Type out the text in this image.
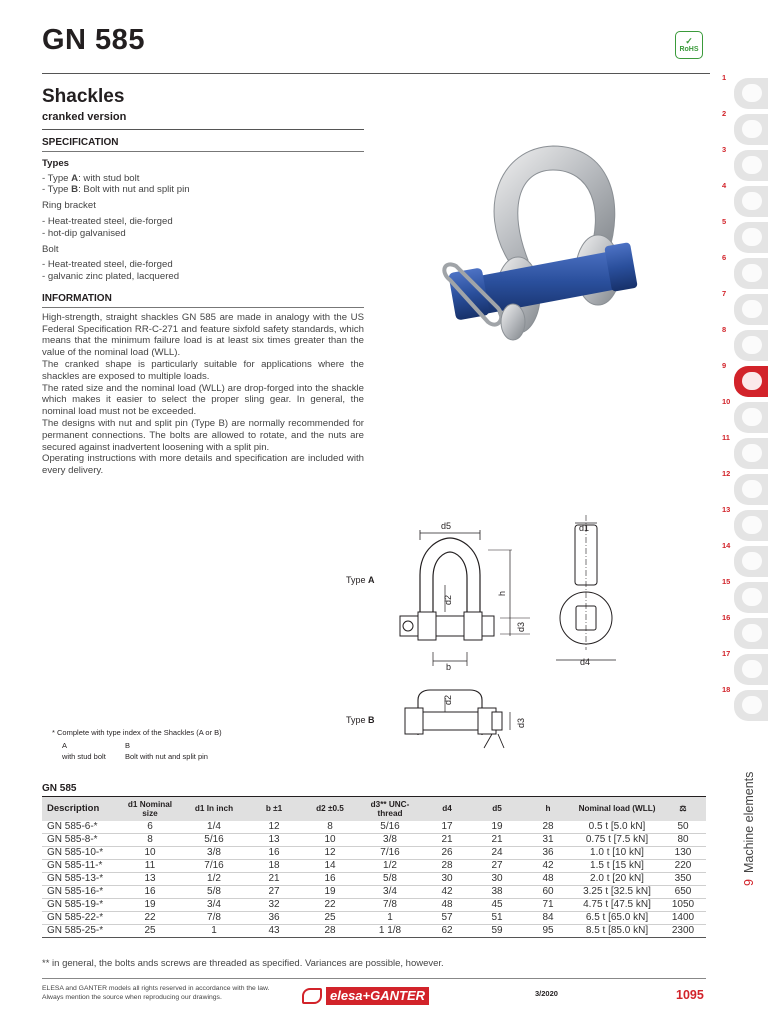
GN 585	✓
RoHS
Shackles
cranked version
SPECIFICATION
Types
- Type A: with stud bolt
- Type B: Bolt with nut and split pin
Ring bracket
- Heat-treated steel, die-forged
- hot-dip galvanised
Bolt
- Heat-treated steel, die-forged
- galvanic zinc plated, lacquered
INFORMATION

High-strength, straight shackles GN 585 are made in analogy with the US Federal Specification RR-C-271 and feature sixfold safety standards, which means that the minimum failure load is at least six times greater than the value of the nominal load (WLL).

The cranked shape is particularly suitable for applications where the shackles are exposed to multiple loads.

The rated size and the nominal load (WLL) are drop-forged into the shackle which makes it easier to select the proper sling gear. In general, the nominal load must not be exceeded.

The designs with nut and split pin (Type B) are normally recommended for permanent connections. The bolts are allowed to rotate, and the nuts are secured against inadvertent loosening with a split pin.

Operating instructions with more details and specification are included with every delivery.

Type A
Type B
d5	d1
d4
b
h
d2
d3
d2
d3
1
2
3
4
5
6
7
8
9
10
11
12
13
14
15
16
17
18
9Machine elements
* Complete with type index of the Shackles (A or B)
A	B
with stud bolt	Bolt with nut and split pin
GN 585
Description	d1 Nominal size	d1 In inch	b ±1	d2 ±0.5	d3** UNC-thread	d4	d5	h	Nominal load (WLL)	⚖
GN 585-6-*	6	1/4	12	8	5/16	17	19	28	0.5 t [5.0 kN]	50
GN 585-8-*	8	5/16	13	10	3/8	21	21	31	0.75 t [7.5 kN]	80
GN 585-10-*	10	3/8	16	12	7/16	26	24	36	1.0 t [10 kN]	130
GN 585-11-*	11	7/16	18	14	1/2	28	27	42	1.5 t [15 kN]	220
GN 585-13-*	13	1/2	21	16	5/8	30	30	48	2.0 t [20 kN]	350
GN 585-16-*	16	5/8	27	19	3/4	42	38	60	3.25 t [32.5 kN]	650
GN 585-19-*	19	3/4	32	22	7/8	48	45	71	4.75 t [47.5 kN]	1050
GN 585-22-*	22	7/8	36	25	1	57	51	84	6.5 t [65.0 kN]	1400
GN 585-25-*	25	1	43	28	1 1/8	62	59	95	8.5 t [85.0 kN]	2300
** in general, the bolts ands screws are threaded as specified. Variances are possible, however.
ELESA and GANTER models all rights reserved in accordance with the law.
Always mention the source when reproducing our drawings.	elesa+GANTER	3/2020	1095
